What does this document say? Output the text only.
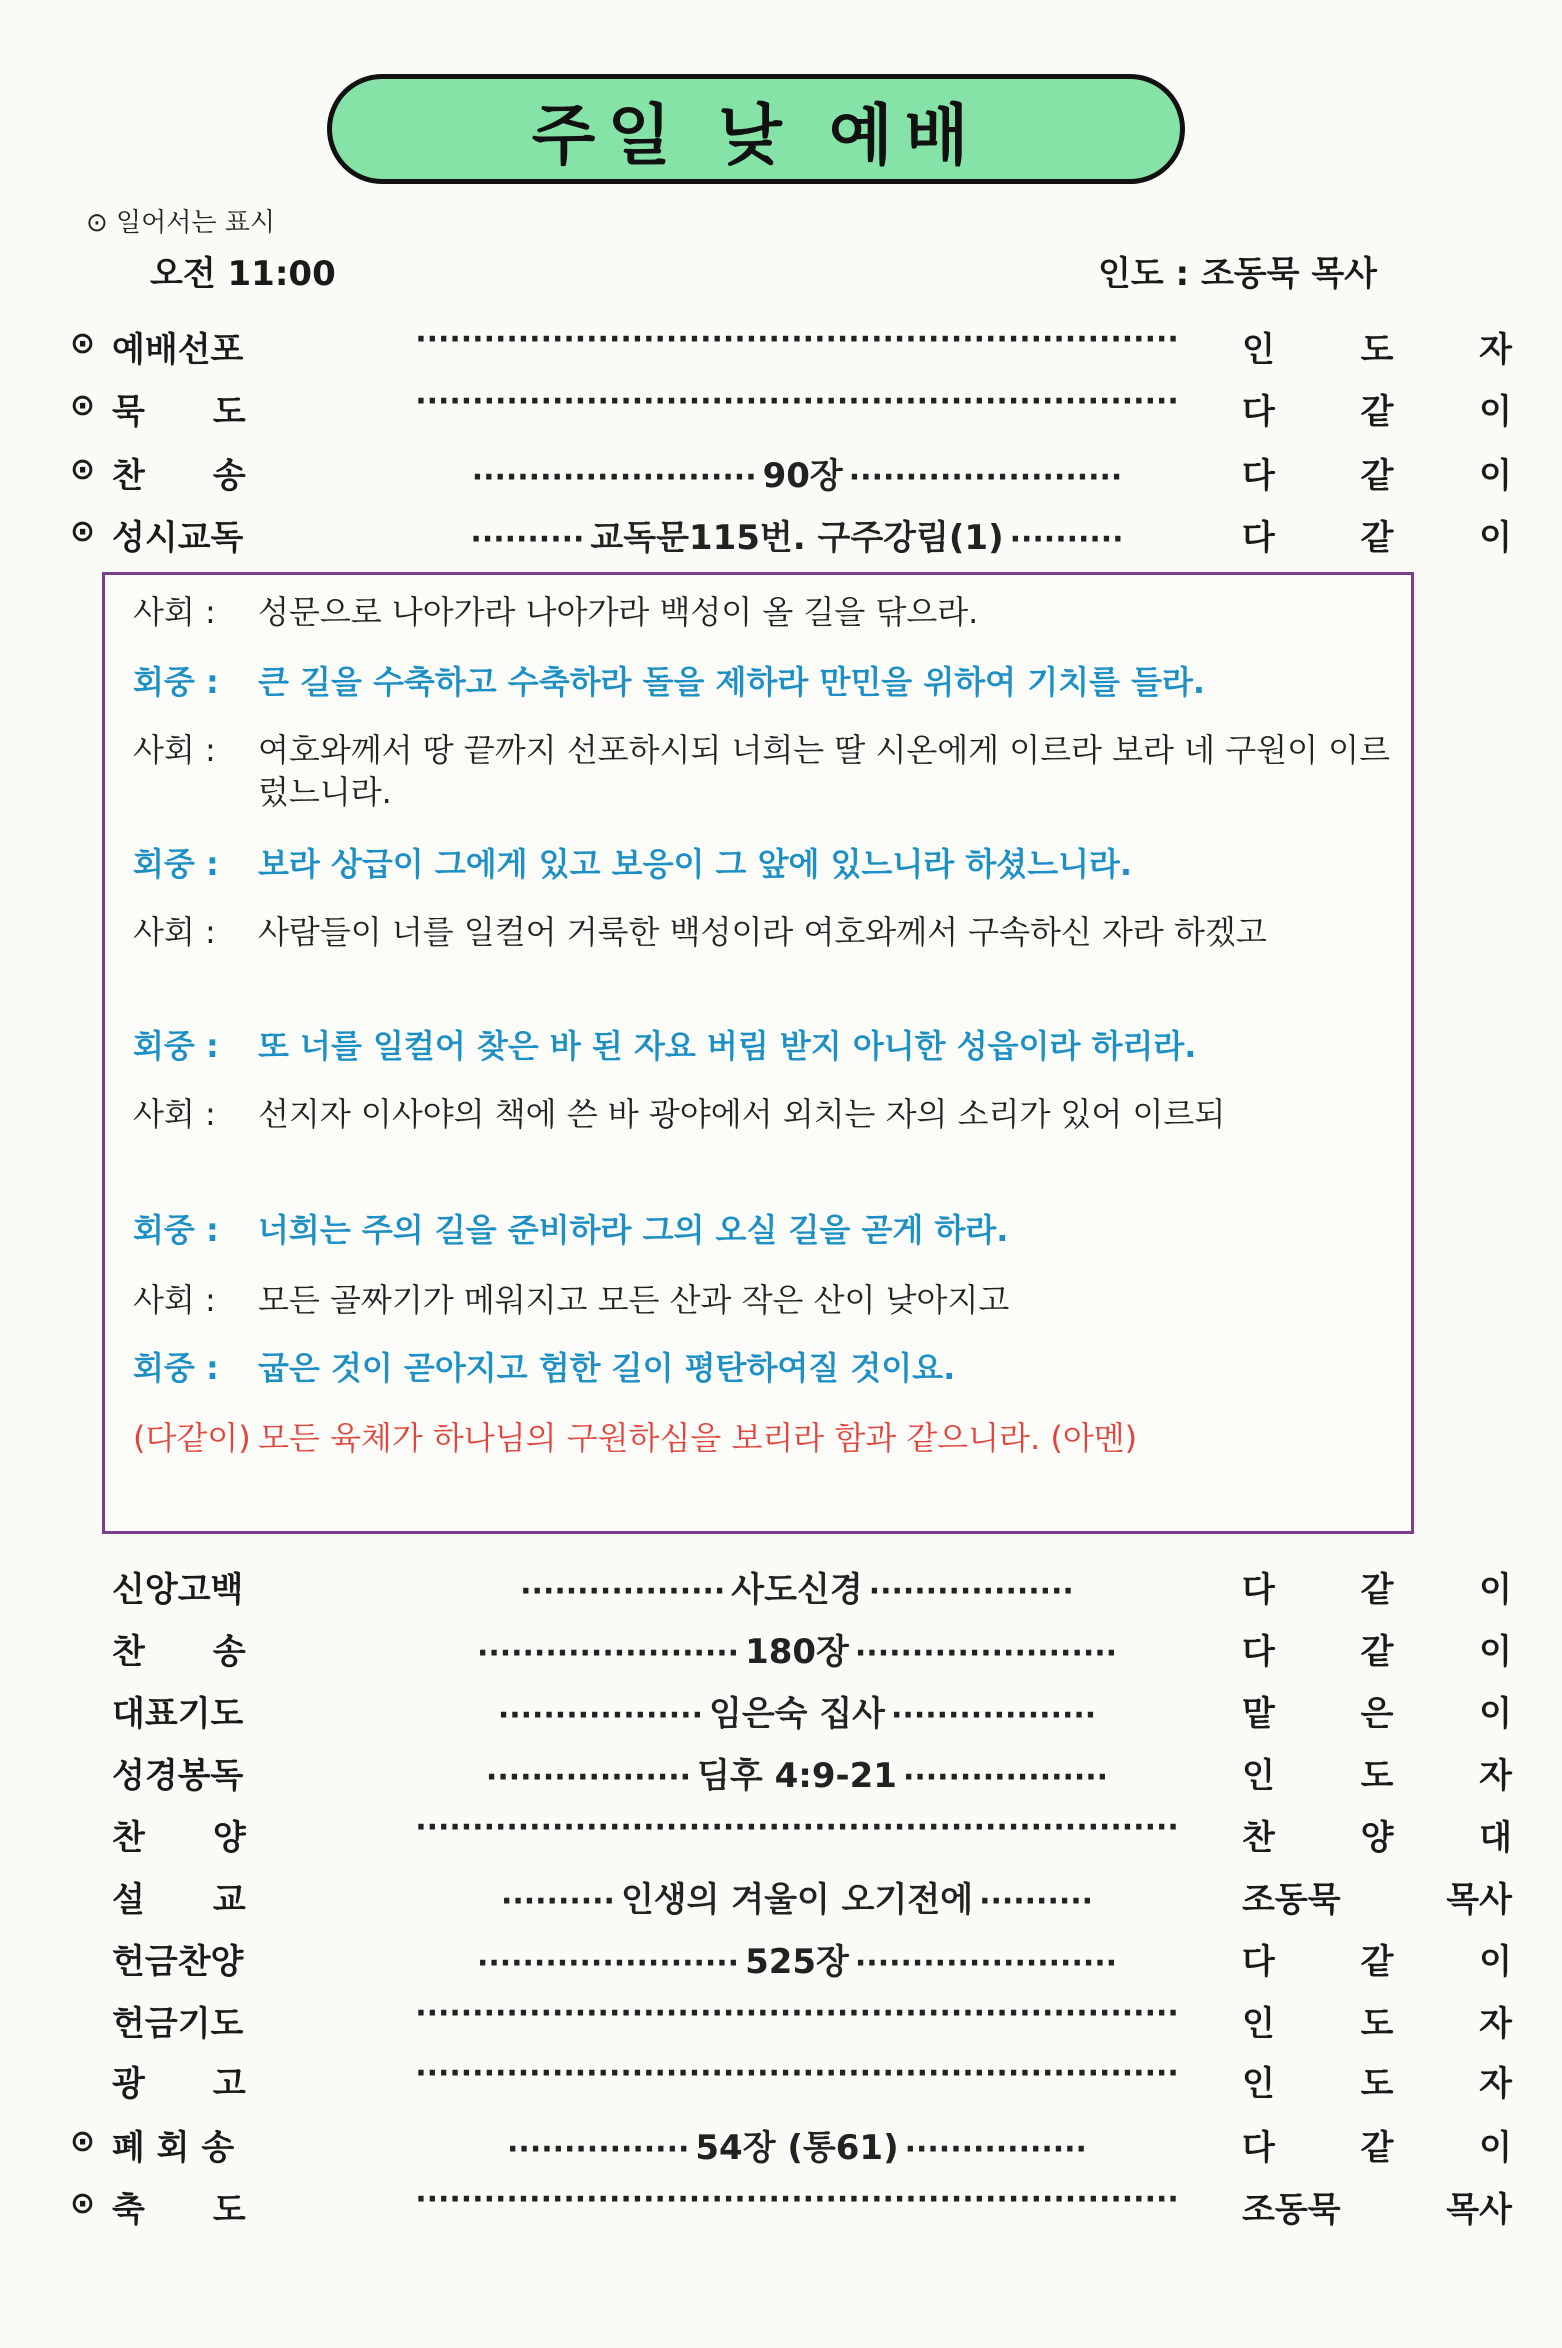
주일 낮 예배
⊙ 일어서는 표시
오전 11:00	인도 : 조동묵 목사
⊙ 예배선포	···································································	인 도 자
⊙ 묵　　도	···································································	다 같 이
⊙ 찬　　송	························· 90장 ························	다 같 이
⊙ 성시교독	·········· 교독문115번. 구주강림(1) ··········	다 같 이
사회 :	성문으로 나아가라 나아가라 백성이 올 길을 닦으라.
회중 :	큰 길을 수축하고 수축하라 돌을 제하라 만민을 위하여 기치를 들라.
사회 :	여호와께서 땅 끝까지 선포하시되 너희는 딸 시온에게 이르라 보라 네 구원이 이르렀느니라.
회중 :	보라 상급이 그에게 있고 보응이 그 앞에 있느니라 하셨느니라.
사회 :	사람들이 너를 일컬어 거룩한 백성이라 여호와께서 구속하신 자라 하겠고
회중 :	또 너를 일컬어 찾은 바 된 자요 버림 받지 아니한 성읍이라 하리라.
사회 :	선지자 이사야의 책에 쓴 바 광야에서 외치는 자의 소리가 있어 이르되
회중 :	너희는 주의 길을 준비하라 그의 오실 길을 곧게 하라.
사회 :	모든 골짜기가 메워지고 모든 산과 작은 산이 낮아지고
회중 :	굽은 것이 곧아지고 험한 길이 평탄하여질 것이요.
(다같이) 모든 육체가 하나님의 구원하심을 보리라 함과 같으니라. (아멘)
신앙고백	·················· 사도신경 ··················	다 같 이
찬　　송	······················· 180장 ·······················	다 같 이
대표기도	·················· 임은숙 집사 ··················	맡 은 이
성경봉독	·················· 딤후 4:9-21 ··················	인 도 자
찬　　양	···································································	찬 양 대
설　　교	·········· 인생의 겨울이 오기전에 ··········	조동묵 목사
헌금찬양	······················· 525장 ·······················	다 같 이
헌금기도	···································································	인 도 자
광　　고	···································································	인 도 자
⊙ 폐 회 송	················ 54장 (통61) ················	다 같 이
⊙ 축　　도	···································································	조동묵 목사
